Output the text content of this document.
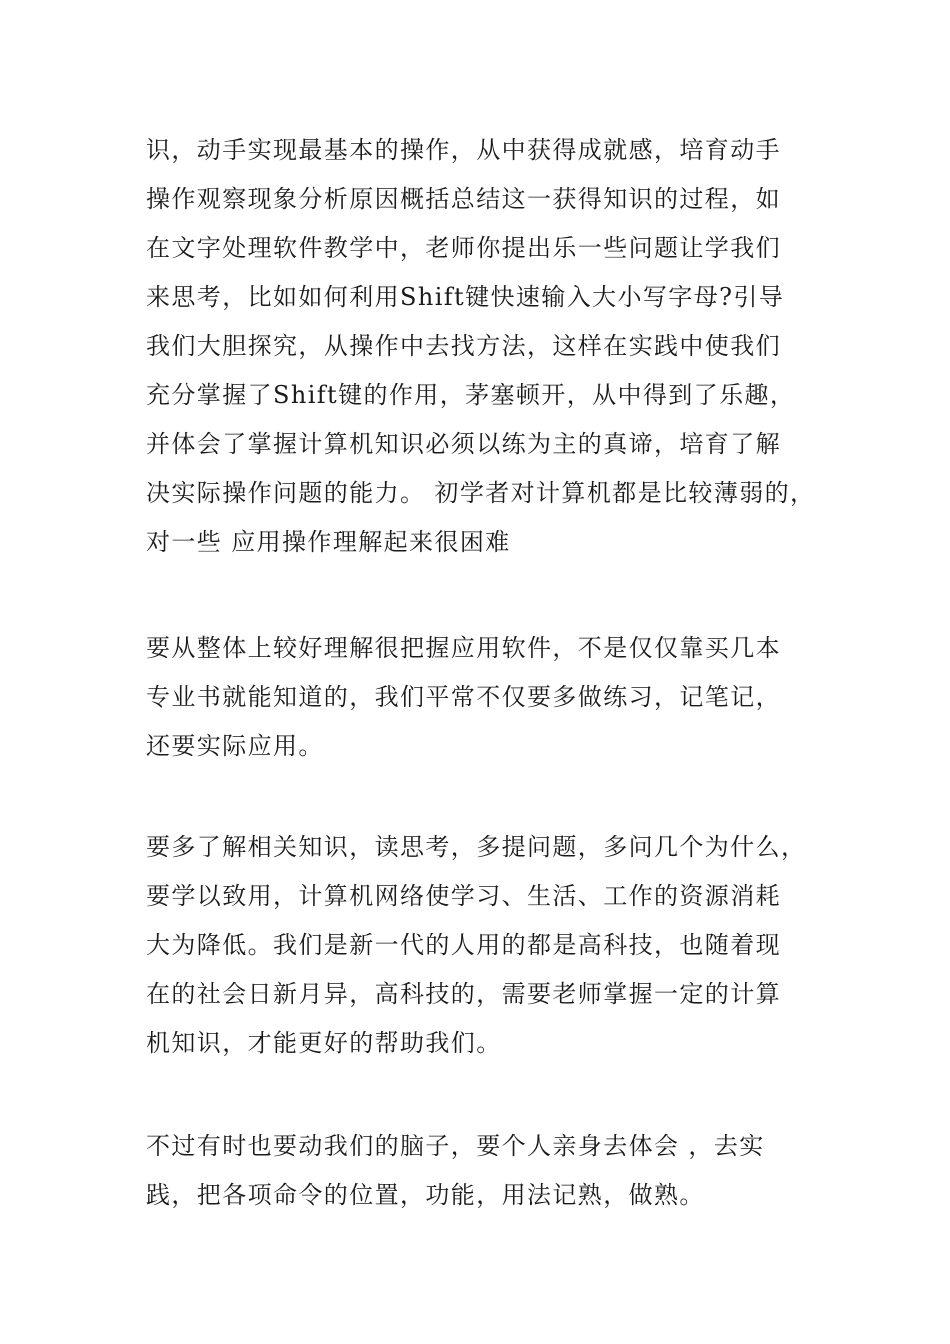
识，动手实现最基本的操作，从中获得成就感，培育动手
操作观察现象分析原因概括总结这一获得知识的过程，如
在文字处理软件教学中，老师你提出乐一些问题让学我们
来思考，比如如何利用Shift键快速输入大小写字母?引导
我们大胆探究，从操作中去找方法，这样在实践中使我们
充分掌握了Shift键的作用，茅塞顿开，从中得到了乐趣，
并体会了掌握计算机知识必须以练为主的真谛，培育了解
决实际操作问题的能力。 初学者对计算机都是比较薄弱的，
对一些 应用操作理解起来很困难

要从整体上较好理解很把握应用软件，不是仅仅靠买几本
专业书就能知道的，我们平常不仅要多做练习，记笔记，
还要实际应用。

要多了解相关知识，读思考，多提问题，多问几个为什么，
要学以致用，计算机网络使学习、生活、工作的资源消耗
大为降低。我们是新一代的人用的都是高科技，也随着现
在的社会日新月异，高科技的，需要老师掌握一定的计算
机知识，才能更好的帮助我们。

不过有时也要动我们的脑子，要个人亲身去体会 ，去实
践，把各项命令的位置，功能，用法记熟，做熟。
